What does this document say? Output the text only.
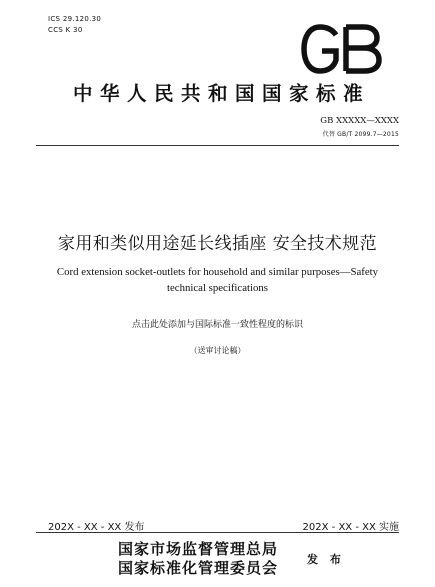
ICS 29.120.30
CCS K 30
GB
中华人民共和国国家标准
GB XXXXX—XXXX
代替 GB/T 2099.7—2015
家用和类似用途延长线插座 安全技术规范
Cord extension socket-outlets for household and similar purposes—Safety technical specifications
点击此处添加与国际标准一致性程度的标识
（送审讨论稿）
202X - XX - XX 发布	202X - XX - XX 实施
国家市场监督管理总局
国家标准化管理委员会	发 布
